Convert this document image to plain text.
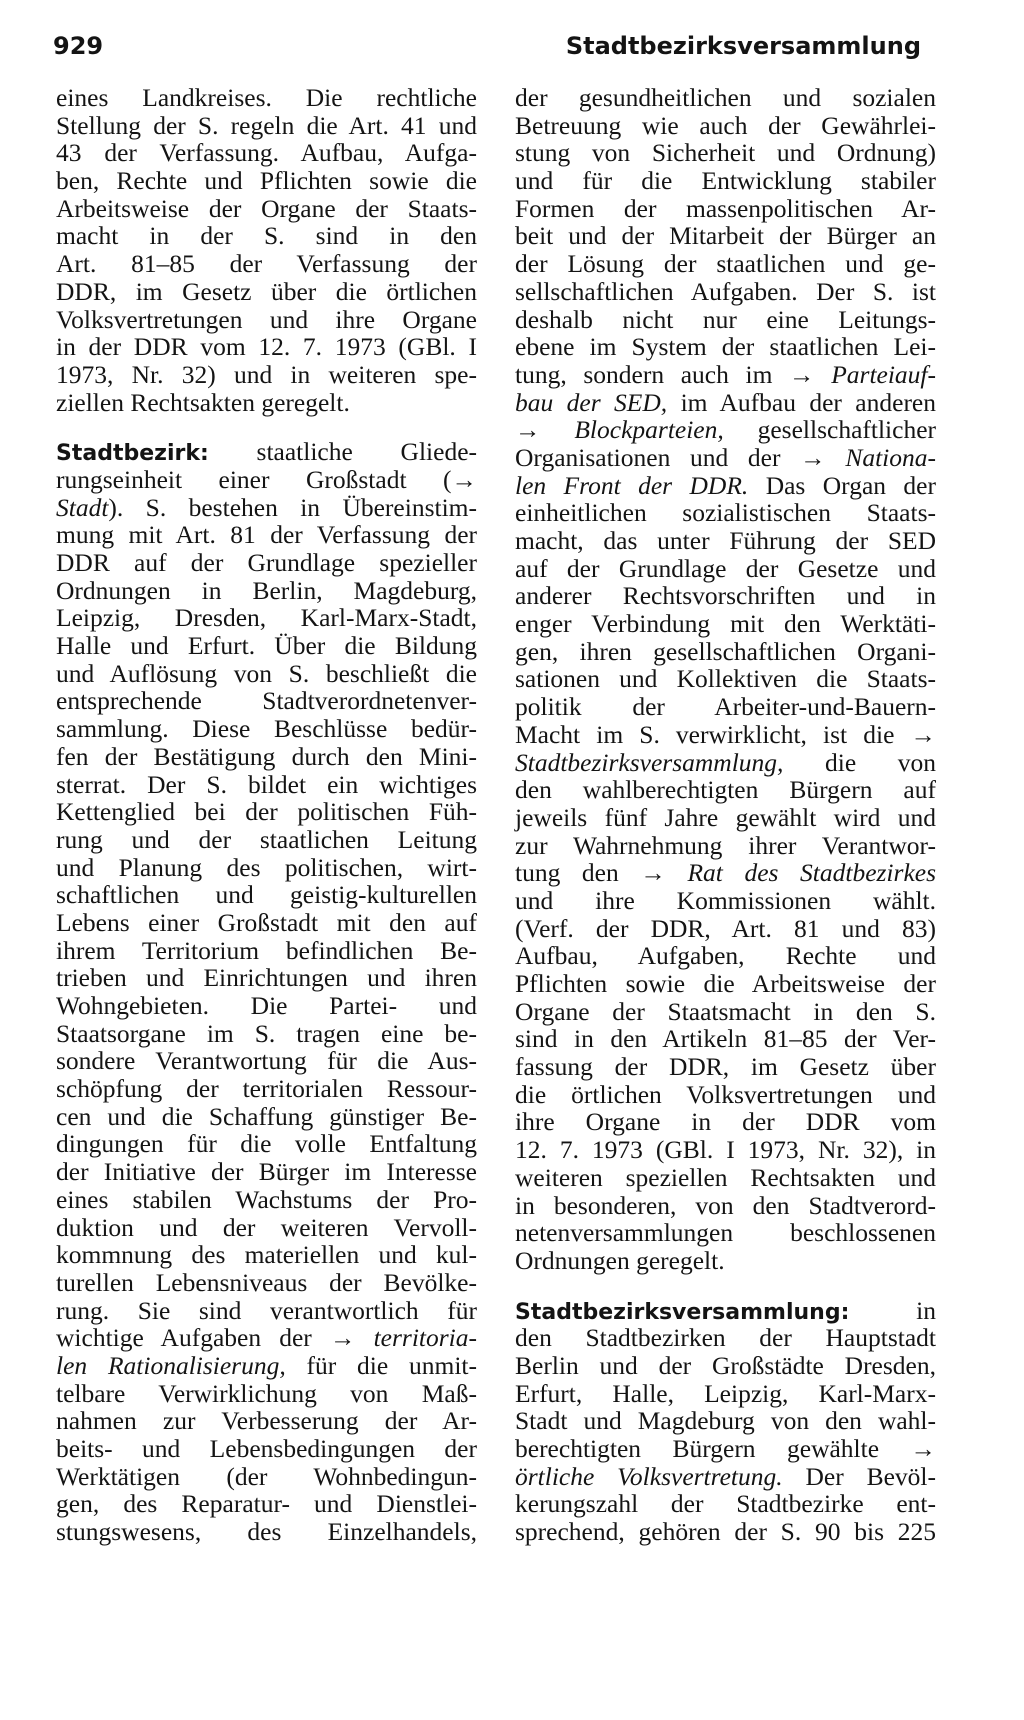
929	Stadtbezirksversammlung
eines Landkreises. Die rechtliche
Stellung der S. regeln die Art. 41 und
43 der Verfassung. Aufbau, Aufga-
ben, Rechte und Pflichten sowie die
Arbeitsweise der Organe der Staats-
macht in der S. sind in den
Art. 81–85 der Verfassung der
DDR, im Gesetz über die örtlichen
Volksvertretungen und ihre Organe
in der DDR vom 12. 7. 1973 (GBl. I
1973, Nr. 32) und in weiteren spe-
ziellen Rechtsakten geregelt.
Stadtbezirk: staatliche Gliede-
rungseinheit einer Großstadt (→
Stadt). S. bestehen in Übereinstim-
mung mit Art. 81 der Verfassung der
DDR auf der Grundlage spezieller
Ordnungen in Berlin, Magdeburg,
Leipzig, Dresden, Karl-Marx-Stadt,
Halle und Erfurt. Über die Bildung
und Auflösung von S. beschließt die
entsprechende Stadtverordnetenver-
sammlung. Diese Beschlüsse bedür-
fen der Bestätigung durch den Mini-
sterrat. Der S. bildet ein wichtiges
Kettenglied bei der politischen Füh-
rung und der staatlichen Leitung
und Planung des politischen, wirt-
schaftlichen und geistig-kulturellen
Lebens einer Großstadt mit den auf
ihrem Territorium befindlichen Be-
trieben und Einrichtungen und ihren
Wohngebieten. Die Partei- und
Staatsorgane im S. tragen eine be-
sondere Verantwortung für die Aus-
schöpfung der territorialen Ressour-
cen und die Schaffung günstiger Be-
dingungen für die volle Entfaltung
der Initiative der Bürger im Interesse
eines stabilen Wachstums der Pro-
duktion und der weiteren Vervoll-
kommnung des materiellen und kul-
turellen Lebensniveaus der Bevölke-
rung. Sie sind verantwortlich für
wichtige Aufgaben der → territoria-
len Rationalisierung, für die unmit-
telbare Verwirklichung von Maß-
nahmen zur Verbesserung der Ar-
beits- und Lebensbedingungen der
Werktätigen (der Wohnbedingun-
gen, des Reparatur- und Dienstlei-
stungswesens, des Einzelhandels,
der gesundheitlichen und sozialen
Betreuung wie auch der Gewährlei-
stung von Sicherheit und Ordnung)
und für die Entwicklung stabiler
Formen der massenpolitischen Ar-
beit und der Mitarbeit der Bürger an
der Lösung der staatlichen und ge-
sellschaftlichen Aufgaben. Der S. ist
deshalb nicht nur eine Leitungs-
ebene im System der staatlichen Lei-
tung, sondern auch im → Parteiauf-
bau der SED, im Aufbau der anderen
→ Blockparteien, gesellschaftlicher
Organisationen und der → Nationa-
len Front der DDR. Das Organ der
einheitlichen sozialistischen Staats-
macht, das unter Führung der SED
auf der Grundlage der Gesetze und
anderer Rechtsvorschriften und in
enger Verbindung mit den Werktäti-
gen, ihren gesellschaftlichen Organi-
sationen und Kollektiven die Staats-
politik der Arbeiter-und-Bauern-
Macht im S. verwirklicht, ist die →
Stadtbezirksversammlung, die von
den wahlberechtigten Bürgern auf
jeweils fünf Jahre gewählt wird und
zur Wahrnehmung ihrer Verantwor-
tung den → Rat des Stadtbezirkes
und ihre Kommissionen wählt.
(Verf. der DDR, Art. 81 und 83)
Aufbau, Aufgaben, Rechte und
Pflichten sowie die Arbeitsweise der
Organe der Staatsmacht in den S.
sind in den Artikeln 81–85 der Ver-
fassung der DDR, im Gesetz über
die örtlichen Volksvertretungen und
ihre Organe in der DDR vom
12. 7. 1973 (GBl. I 1973, Nr. 32), in
weiteren speziellen Rechtsakten und
in besonderen, von den Stadtverord-
netenversammlungen beschlossenen
Ordnungen geregelt.
Stadtbezirksversammlung:	in
den Stadtbezirken der Hauptstadt
Berlin und der Großstädte Dresden,
Erfurt, Halle, Leipzig, Karl-Marx-
Stadt und Magdeburg von den wahl-
berechtigten Bürgern gewählte →
örtliche Volksvertretung. Der Bevöl-
kerungszahl der Stadtbezirke ent-
sprechend, gehören der S. 90 bis 225
